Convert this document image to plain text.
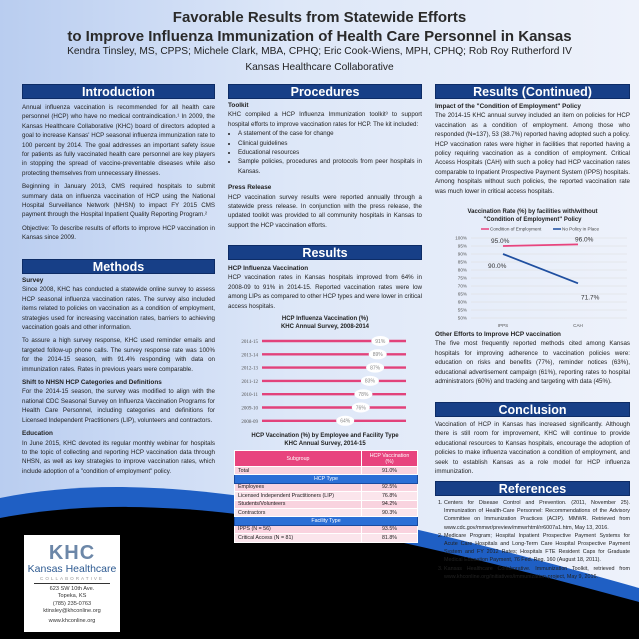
Favorable Results from Statewide Efforts
to Improve Influenza Immunization of Health Care Personnel in Kansas
Kendra Tinsley, MS, CPPS; Michele Clark, MBA, CPHQ; Eric Cook-Wiens, MPH, CPHQ; Rob Roy Rutherford IV
Kansas Healthcare Collaborative
Introduction

Annual influenza vaccination is recommended for all health care personnel (HCP) who have no medical contraindication.¹ In 2009, the Kansas Healthcare Collaborative (KHC) board of directors adopted a goal to increase Kansas' HCP seasonal influenza immunization rate to 100 percent by 2014. The goal addresses an important safety issue for patients as fully vaccinated health care personnel are key players in stopping the spread of vaccine-preventable diseases while also protecting themselves from unnecessary illnesses.

Beginning in January 2013, CMS required hospitals to submit summary data on influenza vaccination of HCP using the National Hospital Surveillance Network (NHSN) to impact FY 2015 CMS payment through the Hospital Inpatient Quality Reporting Program.²

Objective: To describe results of efforts to improve HCP vaccination in Kansas since 2009.

Methods
Survey

Since 2008, KHC has conducted a statewide online survey to assess HCP seasonal influenza vaccination rates. The survey also included items related to policies on vaccination as a condition of employment, strategies used for increasing vaccination rates, barriers to achieving vaccination goals and other information.

To assure a high survey response, KHC used reminder emails and targeted follow-up phone calls. The survey response rate was 100% for the 2014-15 season, with 91.4% responding with data on immunization rates. Rates in previous years were comparable.

Shift to NHSN HCP Categories and Definitions

For the 2014-15 season, the survey was modified to align with the national CDC Seasonal Survey on Influenza Vaccination Programs for Health Care Personnel, including categories and definitions for Licensed Independent Practitioners (LIP), volunteers and contractors.

Education

In June 2015, KHC devoted its regular monthly webinar for hospitals to the topic of collecting and reporting HCP vaccination data through NHSN, as well as key strategies to improve vaccination rates, which include adoption of a "condition of employment" policy.

KHC
Kansas Healthcare
COLLABORATIVE
623 SW 10th Ave.
Topeka, KS
(785) 235-0763
ktinsley@khconline.org
www.khconline.org
Procedures
Toolkit

KHC compiled a HCP Influenza Immunization toolkit³ to support hospital efforts to improve vaccination rates for HCP. The kit included:

• A statement of the case for change
• Clinical guidelines
• Educational resources
• Sample policies, procedures and protocols from peer hospitals in Kansas.
Press Release

HCP vaccination survey results were reported annually through a statewide press release. In conjunction with the press release, the updated toolkit was provided to all community hospitals in Kansas to support the HCP vaccination efforts.

Results
HCP Influenza Vaccination

HCP vaccination rates in Kansas hospitals improved from 64% in 2008-09 to 91% in 2014-15. Reported vaccination rates were low among LIPs as compared to other HCP types and were lower in critical access hospitals.

HCP Influenza Vaccination (%)
KHC Annual Survey, 2008-2014
2014-15	91%
2013-14	89%
2012-13	87%
2011-12	83%
2010-11	78%
2009-10	76%
2008-09	64%
HCP Vaccination (%) by Employee and Facility Type
KHC Annual Survey, 2014-15
Subgroup	HCP Vaccination (%)
Total	91.0%
HCP Type	
Employees	92.5%
Licensed Independent Practitioners (LIP)	76.8%
Students/Volunteers	94.2%
Contractors	90.3%
Facility Type	
IPPS (N = 56)	93.5%
Critical Access (N = 81)	81.8%
Results (Continued)
Impact of the "Condition of Employment" Policy

The 2014-15 KHC annual survey included an item on policies for HCP vaccination as a condition of employment. Among those who responded (N=137), 53 (38.7%) reported having adopted such a policy. HCP vaccination rates were higher in facilities that reported having a policy requiring vaccination as a condition of employment. Critical Access Hospitals (CAH) with such a policy had HCP vaccination rates comparable to Inpatient Prospective Payment System (IPPS) hospitals. Among hospitals without such policies, the reported vaccination rate was much lower in critical access hospitals.

Vaccination Rate (%) by facilities with/without
"Condition of Employment" Policy
50%
55%
60%
65%
70%
75%
80%
85%
90%
95%
100%
IPPS	CAH
Condition of Employment	No Policy in Place
95.0%	96.0%
90.0%
71.7%
Other Efforts to Improve HCP vaccination

The five most frequently reported methods cited among Kansas hospitals for improving adherence to vaccination policies were: education on risks and benefits (77%), reminder notices (63%), educational advertisement campaign (61%), reporting rates to hospital administrators (60%) and tracking and targeting with data (45%).

Conclusion

Vaccination of HCP in Kansas has increased significantly. Although there is still room for improvement, KHC will continue to provide educational resources to Kansas hospitals, encourage the adoption of policies to make influenza vaccination a condition of employment, and seek to establish Kansas as a role model for HCP influenza immunization.

References
1. Centers for Disease Control and Prevention. (2011, November 25). Immunization of Health-Care Personnel: Recommendations of the Advisory Committee on Immunization Practices (ACIP). MMWR. Retrieved from www.cdc.gov/mmwr/preview/mmwrhtml/rr6007a1.htm, May 13, 2016.
2. Medicare Program; Hospital Inpatient Prospective Payment Systems for Acute Care Hospitals and Long-Term Care Hospital Prospective Payment System and FY 2012 Rates; Hospitals FTE Resident Caps for Graduate Medical Education Payment, 76 Fed. Reg. 160 (August 18, 2011).
3. Kansas Healthcare Collaborative. Immunization Toolkit, retrieved from www.khconline.org/initiatives/immunization-project, May 9, 2016.
